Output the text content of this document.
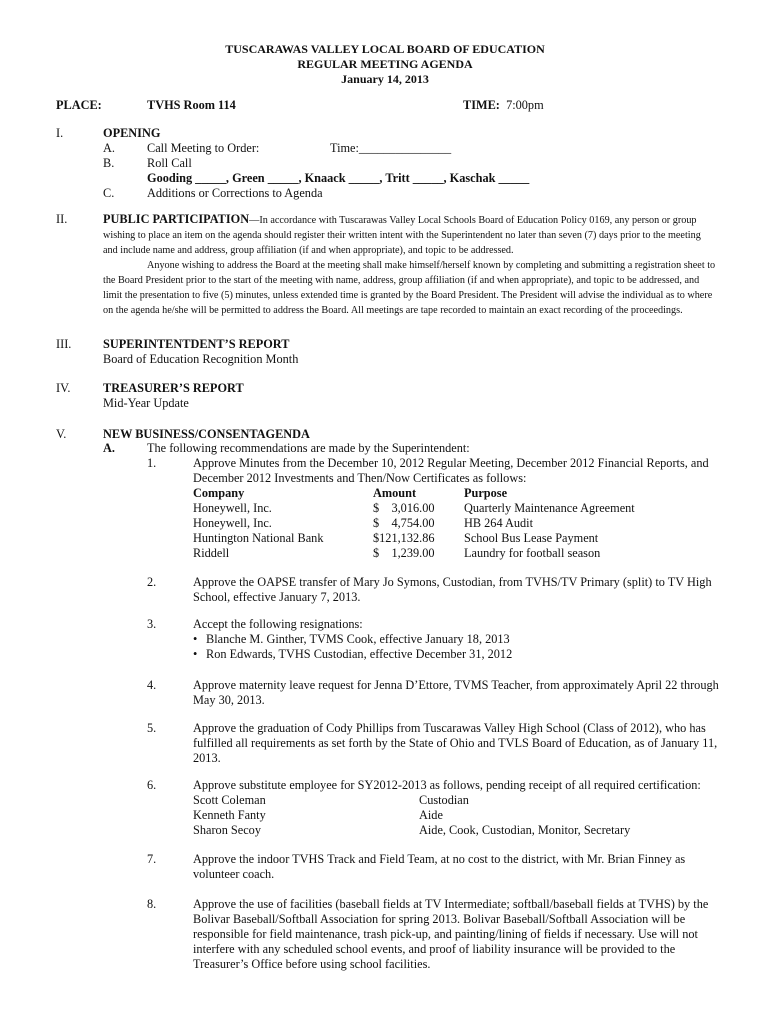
TUSCARAWAS VALLEY LOCAL BOARD OF EDUCATION
REGULAR MEETING AGENDA
January 14, 2013
PLACE:	TVHS Room 114	TIME: 7:00pm
I.	OPENING
A.	Call Meeting to Order:	Time:_______________
B.	Roll Call
Gooding _____, Green _____, Knaack _____, Tritt _____, Kaschak _____
C.	Additions or Corrections to Agenda
II.	PUBLIC PARTICIPATION—In accordance with Tuscarawas Valley Local Schools Board of Education Policy 0169, any person or group wishing to place an item on the agenda should register their written intent with the Superintendent no later than seven (7) days prior to the meeting and include name and address, group affiliation (if and when appropriate), and topic to be addressed.

Anyone wishing to address the Board at the meeting shall make himself/herself known by completing and submitting a registration sheet to the Board President prior to the start of the meeting with name, address, group affiliation (if and when appropriate), and topic to be addressed, and limit the presentation to five (5) minutes, unless extended time is granted by the Board President. The President will advise the individual as to where on the agenda he/she will be permitted to address the Board. All meetings are tape recorded to maintain an exact recording of the proceedings.

III.	SUPERINTENTDENT’S REPORT
Board of Education Recognition Month
IV.	TREASURER’S REPORT
Mid-Year Update
V.	NEW BUSINESS/CONSENTAGENDA
A.	The following recommendations are made by the Superintendent:
1.	Approve Minutes from the December 10, 2012 Regular Meeting, December 2012 Financial Reports, and December 2012 Investments and Then/Now Certificates as follows:
Company	Amount	Purpose
Honeywell, Inc.	$    3,016.00	Quarterly Maintenance Agreement
Honeywell, Inc.	$    4,754.00	HB 264 Audit
Huntington National Bank	$121,132.86	School Bus Lease Payment
Riddell	$    1,239.00	Laundry for football season
2.	Approve the OAPSE transfer of Mary Jo Symons, Custodian, from TVHS/TV Primary (split) to TV High School, effective January 7, 2013.
3.	Accept the following resignations:
• Blanche M. Ginther, TVMS Cook, effective January 18, 2013
• Ron Edwards, TVHS Custodian, effective December 31, 2012
4.	Approve maternity leave request for Jenna D’Ettore, TVMS Teacher, from approximately April 22 through May 30, 2013.
5.	Approve the graduation of Cody Phillips from Tuscarawas Valley High School (Class of 2012), who has fulfilled all requirements as set forth by the State of Ohio and TVLS Board of Education, as of January 11, 2013.
6.	Approve substitute employee for SY2012-2013 as follows, pending receipt of all required certification:
Scott Coleman	Custodian
Kenneth Fanty	Aide
Sharon Secoy	Aide, Cook, Custodian, Monitor, Secretary
7.	Approve the indoor TVHS Track and Field Team, at no cost to the district, with Mr. Brian Finney as volunteer coach.
8.	Approve the use of facilities (baseball fields at TV Intermediate; softball/baseball fields at TVHS) by the Bolivar Baseball/Softball Association for spring 2013. Bolivar Baseball/Softball Association will be responsible for field maintenance, trash pick-up, and painting/lining of fields if necessary. Use will not interfere with any scheduled school events, and proof of liability insurance will be provided to the Treasurer’s Office before using school facilities.
